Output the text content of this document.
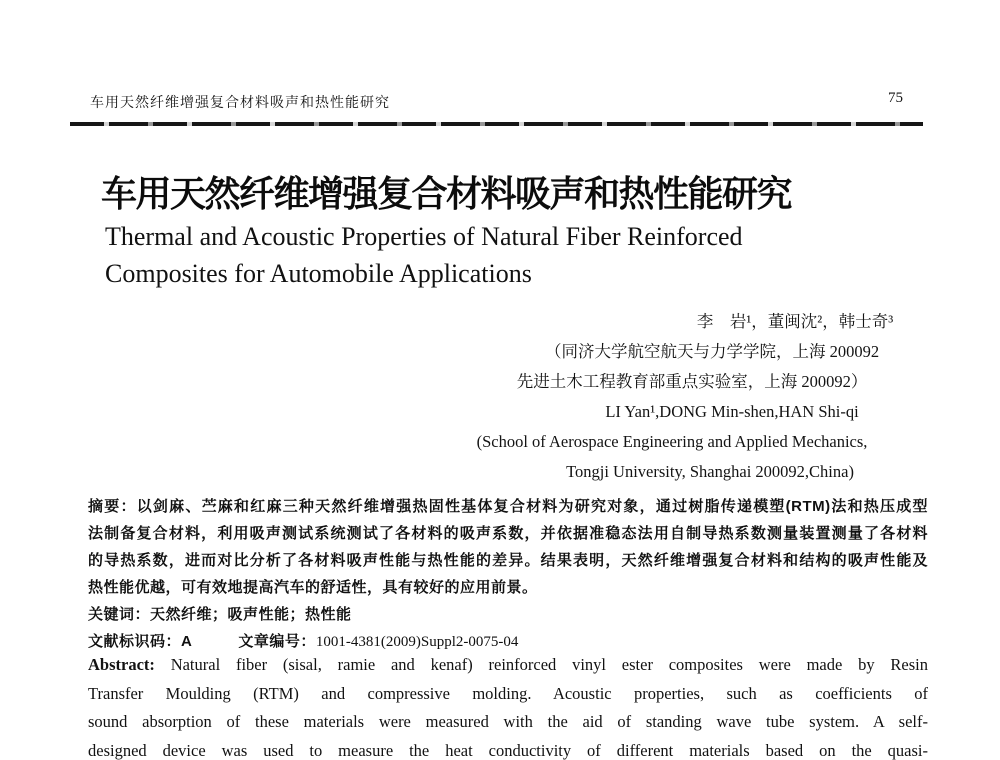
车用天然纤维增强复合材料吸声和热性能研究	75
车用天然纤维增强复合材料吸声和热性能研究
Thermal and Acoustic Properties of Natural Fiber Reinforced
Composites for Automobile Applications
李　岩¹，董闽沈²，韩士奇³
（同济大学航空航天与力学学院，上海 200092
先进土木工程教育部重点实验室，上海 200092）
LI Yan¹,DONG Min-shen,HAN Shi-qi
(School of Aerospace Engineering and Applied Mechanics,
Tongji University, Shanghai 200092,China)
摘要：以剑麻、苎麻和红麻三种天然纤维增强热固性基体复合材料为研究对象，通过树脂传递模塑(RTM)法和热压成型
法制备复合材料，利用吸声测试系统测试了各材料的吸声系数，并依据准稳态法用自制导热系数测量装置测量了各材料
的导热系数，进而对比分析了各材料吸声性能与热性能的差异。结果表明，天然纤维增强复合材料和结构的吸声性能及
热性能优越，可有效地提高汽车的舒适性，具有较好的应用前景。
关键词：天然纤维；吸声性能；热性能
文献标识码：A	文章编号：1001-4381(2009)Suppl2-0075-04
Abstract: Natural fiber (sisal, ramie and kenaf) reinforced vinyl ester composites were made by Resin
Transfer Moulding (RTM) and compressive molding. Acoustic properties, such as coefficients of
sound absorption of these materials were measured with the aid of standing wave tube system. A self-
designed device was used to measure the heat conductivity of different materials based on the quasi-
